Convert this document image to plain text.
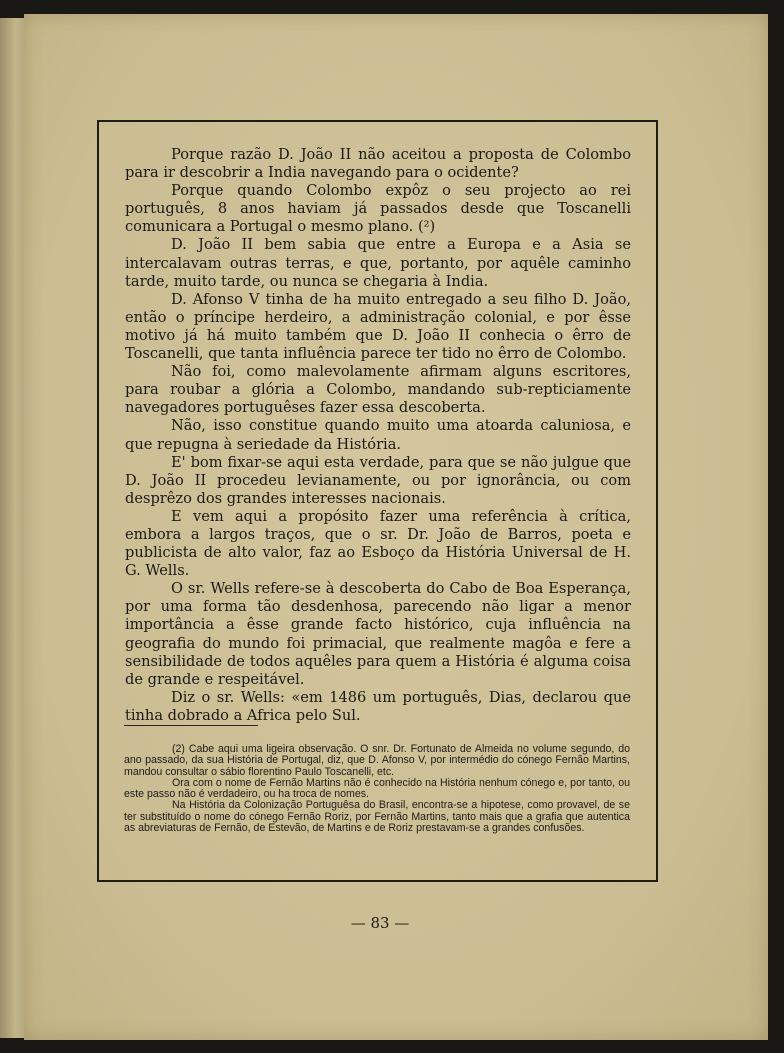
Porque razão D. João II não aceitou a proposta de Colombo para ir descobrir a India navegando para o ocidente?

Porque quando Colombo expôz o seu projecto ao rei português, 8 anos haviam já passados desde que Toscanelli comunicara a Portugal o mesmo plano. (²)

D. João II bem sabia que entre a Europa e a Asia se intercalavam outras terras, e que, portanto, por aquêle caminho tarde, muito tarde, ou nunca se chegaria à India.

D. Afonso V tinha de ha muito entregado a seu filho D. João, então o príncipe herdeiro, a administração colonial, e por êsse motivo já há muito também que D. João II conhecia o êrro de Toscanelli, que tanta influência parece ter tido no êrro de Colombo.

Não foi, como malevolamente afirmam alguns escritores, para roubar a glória a Colombo, mandando sub-repticiamente navegadores portuguêses fazer essa descoberta.

Não, isso constitue quando muito uma atoarda caluniosa, e que repugna à seriedade da História.

E' bom fixar-se aqui esta verdade, para que se não julgue que D. João II procedeu levianamente, ou por ignorância, ou com desprêzo dos grandes interesses nacionais.

E vem aqui a propósito fazer uma referência à crítica, embora a largos traços, que o sr. Dr. João de Barros, poeta e publicista de alto valor, faz ao Esboço da História Universal de H. G. Wells.

O sr. Wells refere-se à descoberta do Cabo de Boa Esperança, por uma forma tão desdenhosa, parecendo não ligar a menor importância a êsse grande facto histórico, cuja influência na geografia do mundo foi primacial, que realmente magôa e fere a sensibilidade de todos aquêles para quem a História é alguma coisa de grande e respeitável.

Diz o sr. Wells: «em 1486 um português, Dias, declarou que tinha dobrado a Africa pelo Sul.

(2) Cabe aqui uma ligeira observação. O snr. Dr. Fortunato de Almeida no volume segundo, do ano passado, da sua História de Portugal, diz, que D. Afonso V, por intermédio do cónego Fernão Martins, mandou consultar o sábio florentino Paulo Toscanelli, etc.

Ora com o nome de Fernão Martins não é conhecido na História nenhum cónego e, por tanto, ou este passo não é verdadeiro, ou ha troca de nomes.

Na História da Colonização Portuguêsa do Brasil, encontra-se a hipotese, como provavel, de se ter substituído o nome do cónego Fernão Roriz, por Fernão Martins, tanto mais que a grafia que autentica as abreviaturas de Fernão, de Estevão, de Martins e de Roriz prestavam-se a grandes confusões.

— 83 —
